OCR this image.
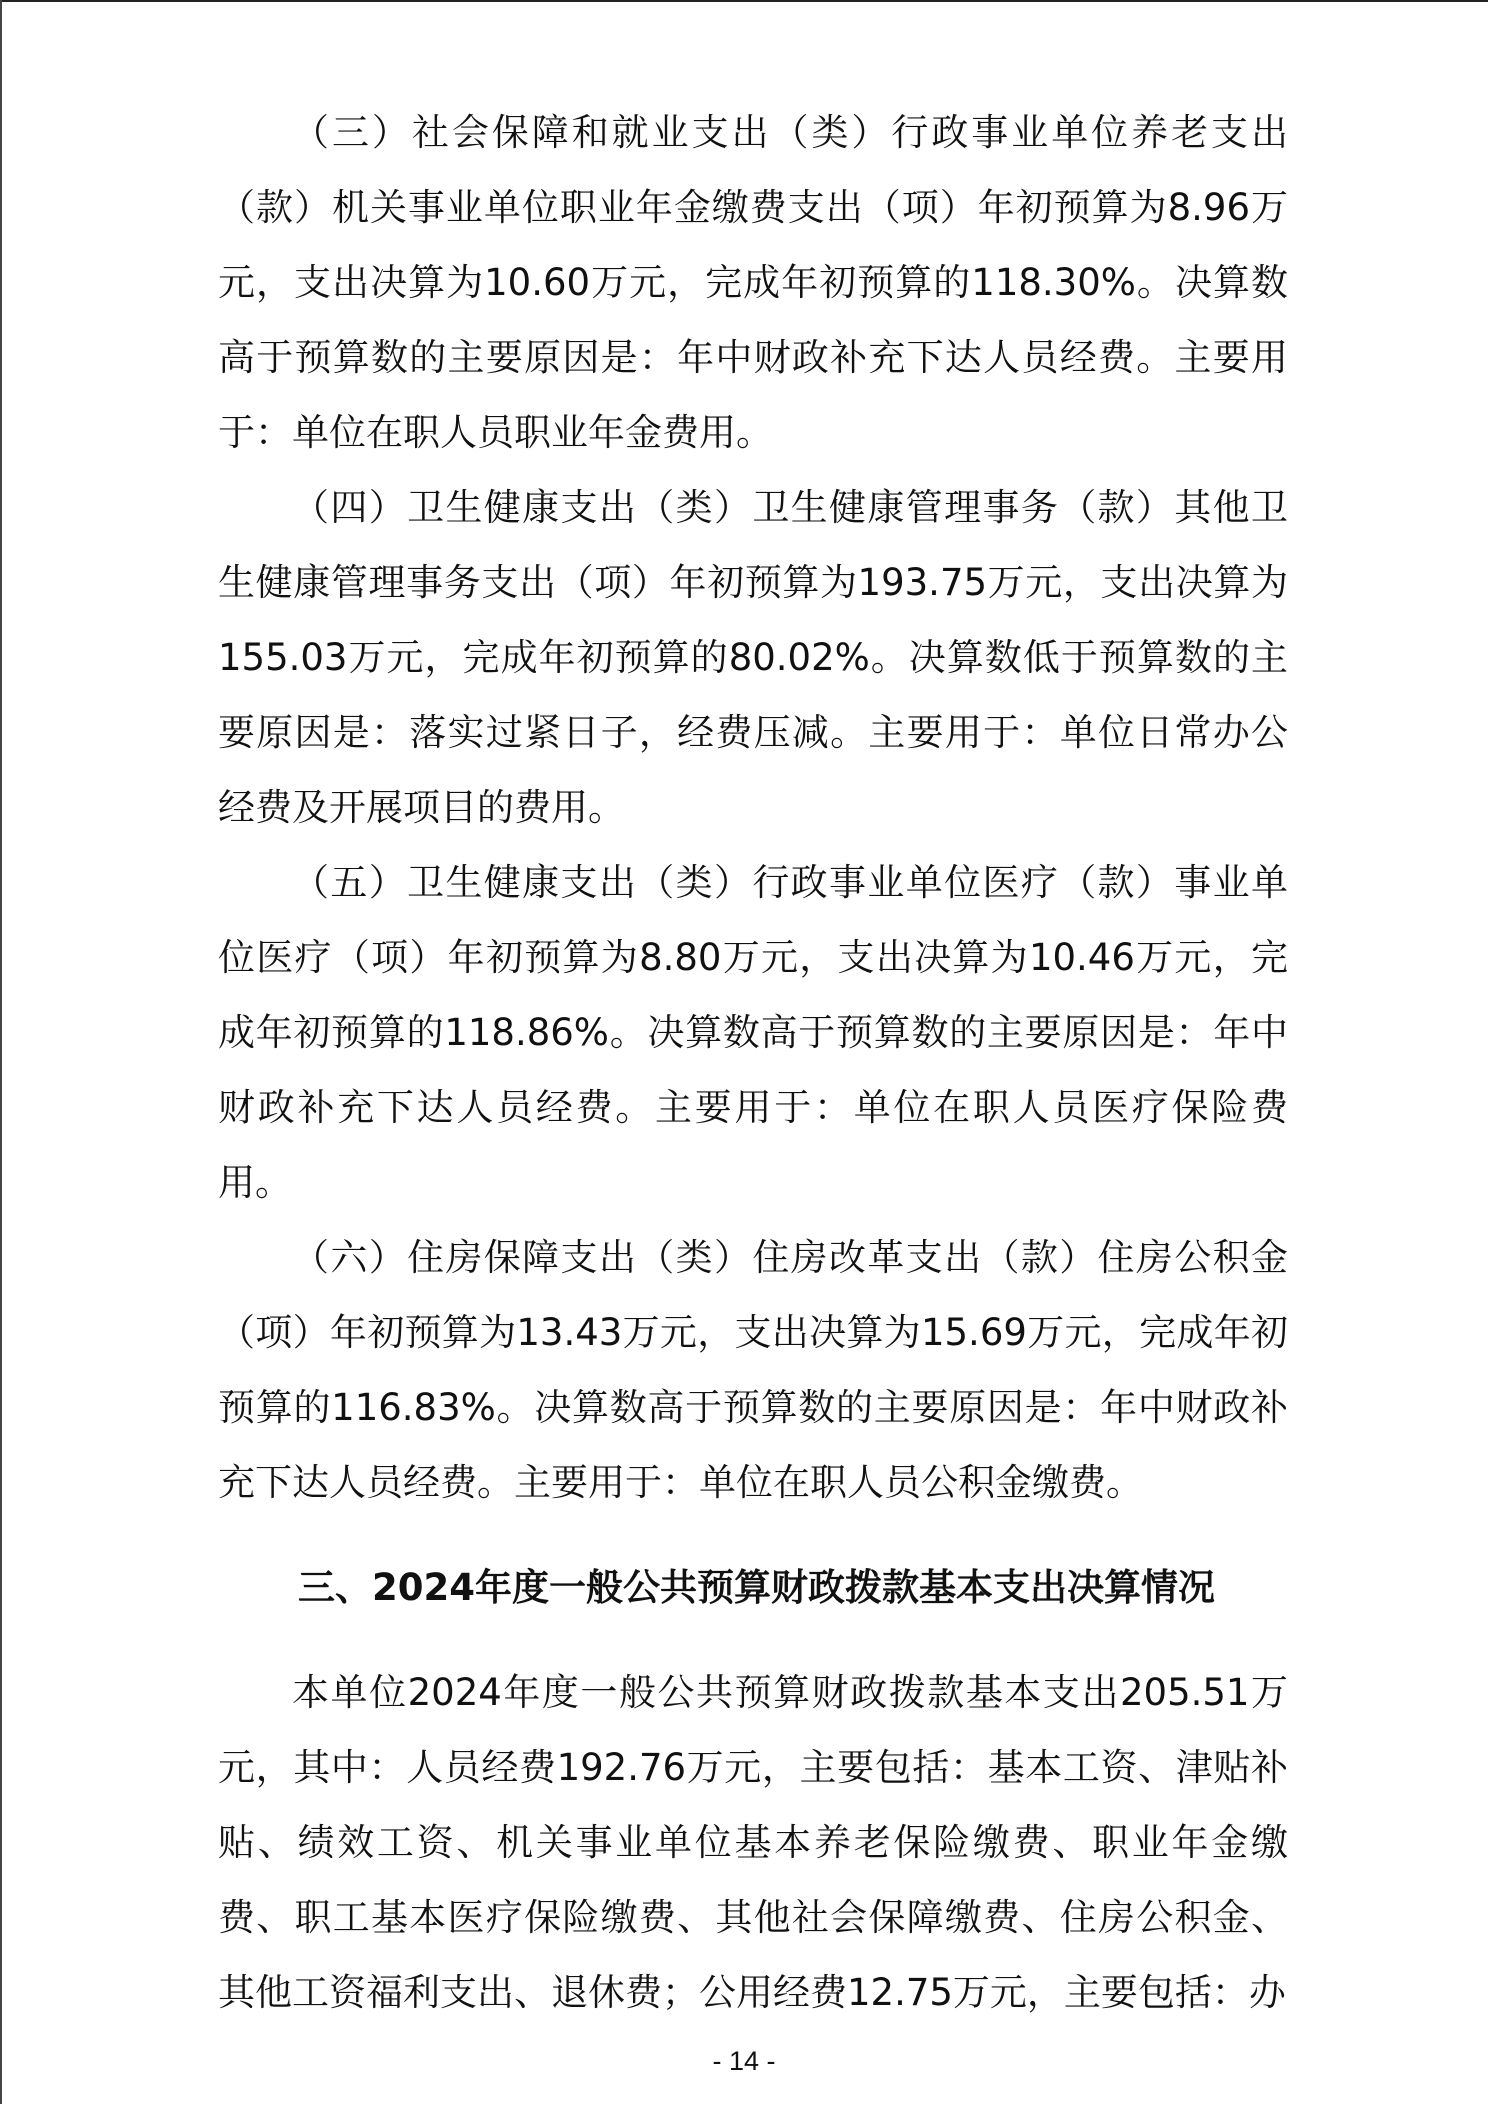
（三）社会保障和就业支出（类）行政事业单位养老支出（款）机关事业单位职业年金缴费支出（项）年初预算为8.96万元，支出决算为10.60万元，完成年初预算的118.30%。决算数高于预算数的主要原因是：年中财政补充下达人员经费。主要用于：单位在职人员职业年金费用。

（四）卫生健康支出（类）卫生健康管理事务（款）其他卫生健康管理事务支出（项）年初预算为193.75万元，支出决算为155.03万元，完成年初预算的80.02%。决算数低于预算数的主要原因是：落实过紧日子，经费压减。主要用于：单位日常办公经费及开展项目的费用。

（五）卫生健康支出（类）行政事业单位医疗（款）事业单位医疗（项）年初预算为8.80万元，支出决算为10.46万元，完成年初预算的118.86%。决算数高于预算数的主要原因是：年中财政补充下达人员经费。主要用于：单位在职人员医疗保险费用。

（六）住房保障支出（类）住房改革支出（款）住房公积金（项）年初预算为13.43万元，支出决算为15.69万元，完成年初预算的116.83%。决算数高于预算数的主要原因是：年中财政补充下达人员经费。主要用于：单位在职人员公积金缴费。

三、2024年度一般公共预算财政拨款基本支出决算情况

本单位2024年度一般公共预算财政拨款基本支出205.51万元，其中：人员经费192.76万元，主要包括：基本工资、津贴补贴、绩效工资、机关事业单位基本养老保险缴费、职业年金缴费、职工基本医疗保险缴费、其他社会保障缴费、住房公积金、其他工资福利支出、退休费；公用经费12.75万元，主要包括：办

- 14 -
